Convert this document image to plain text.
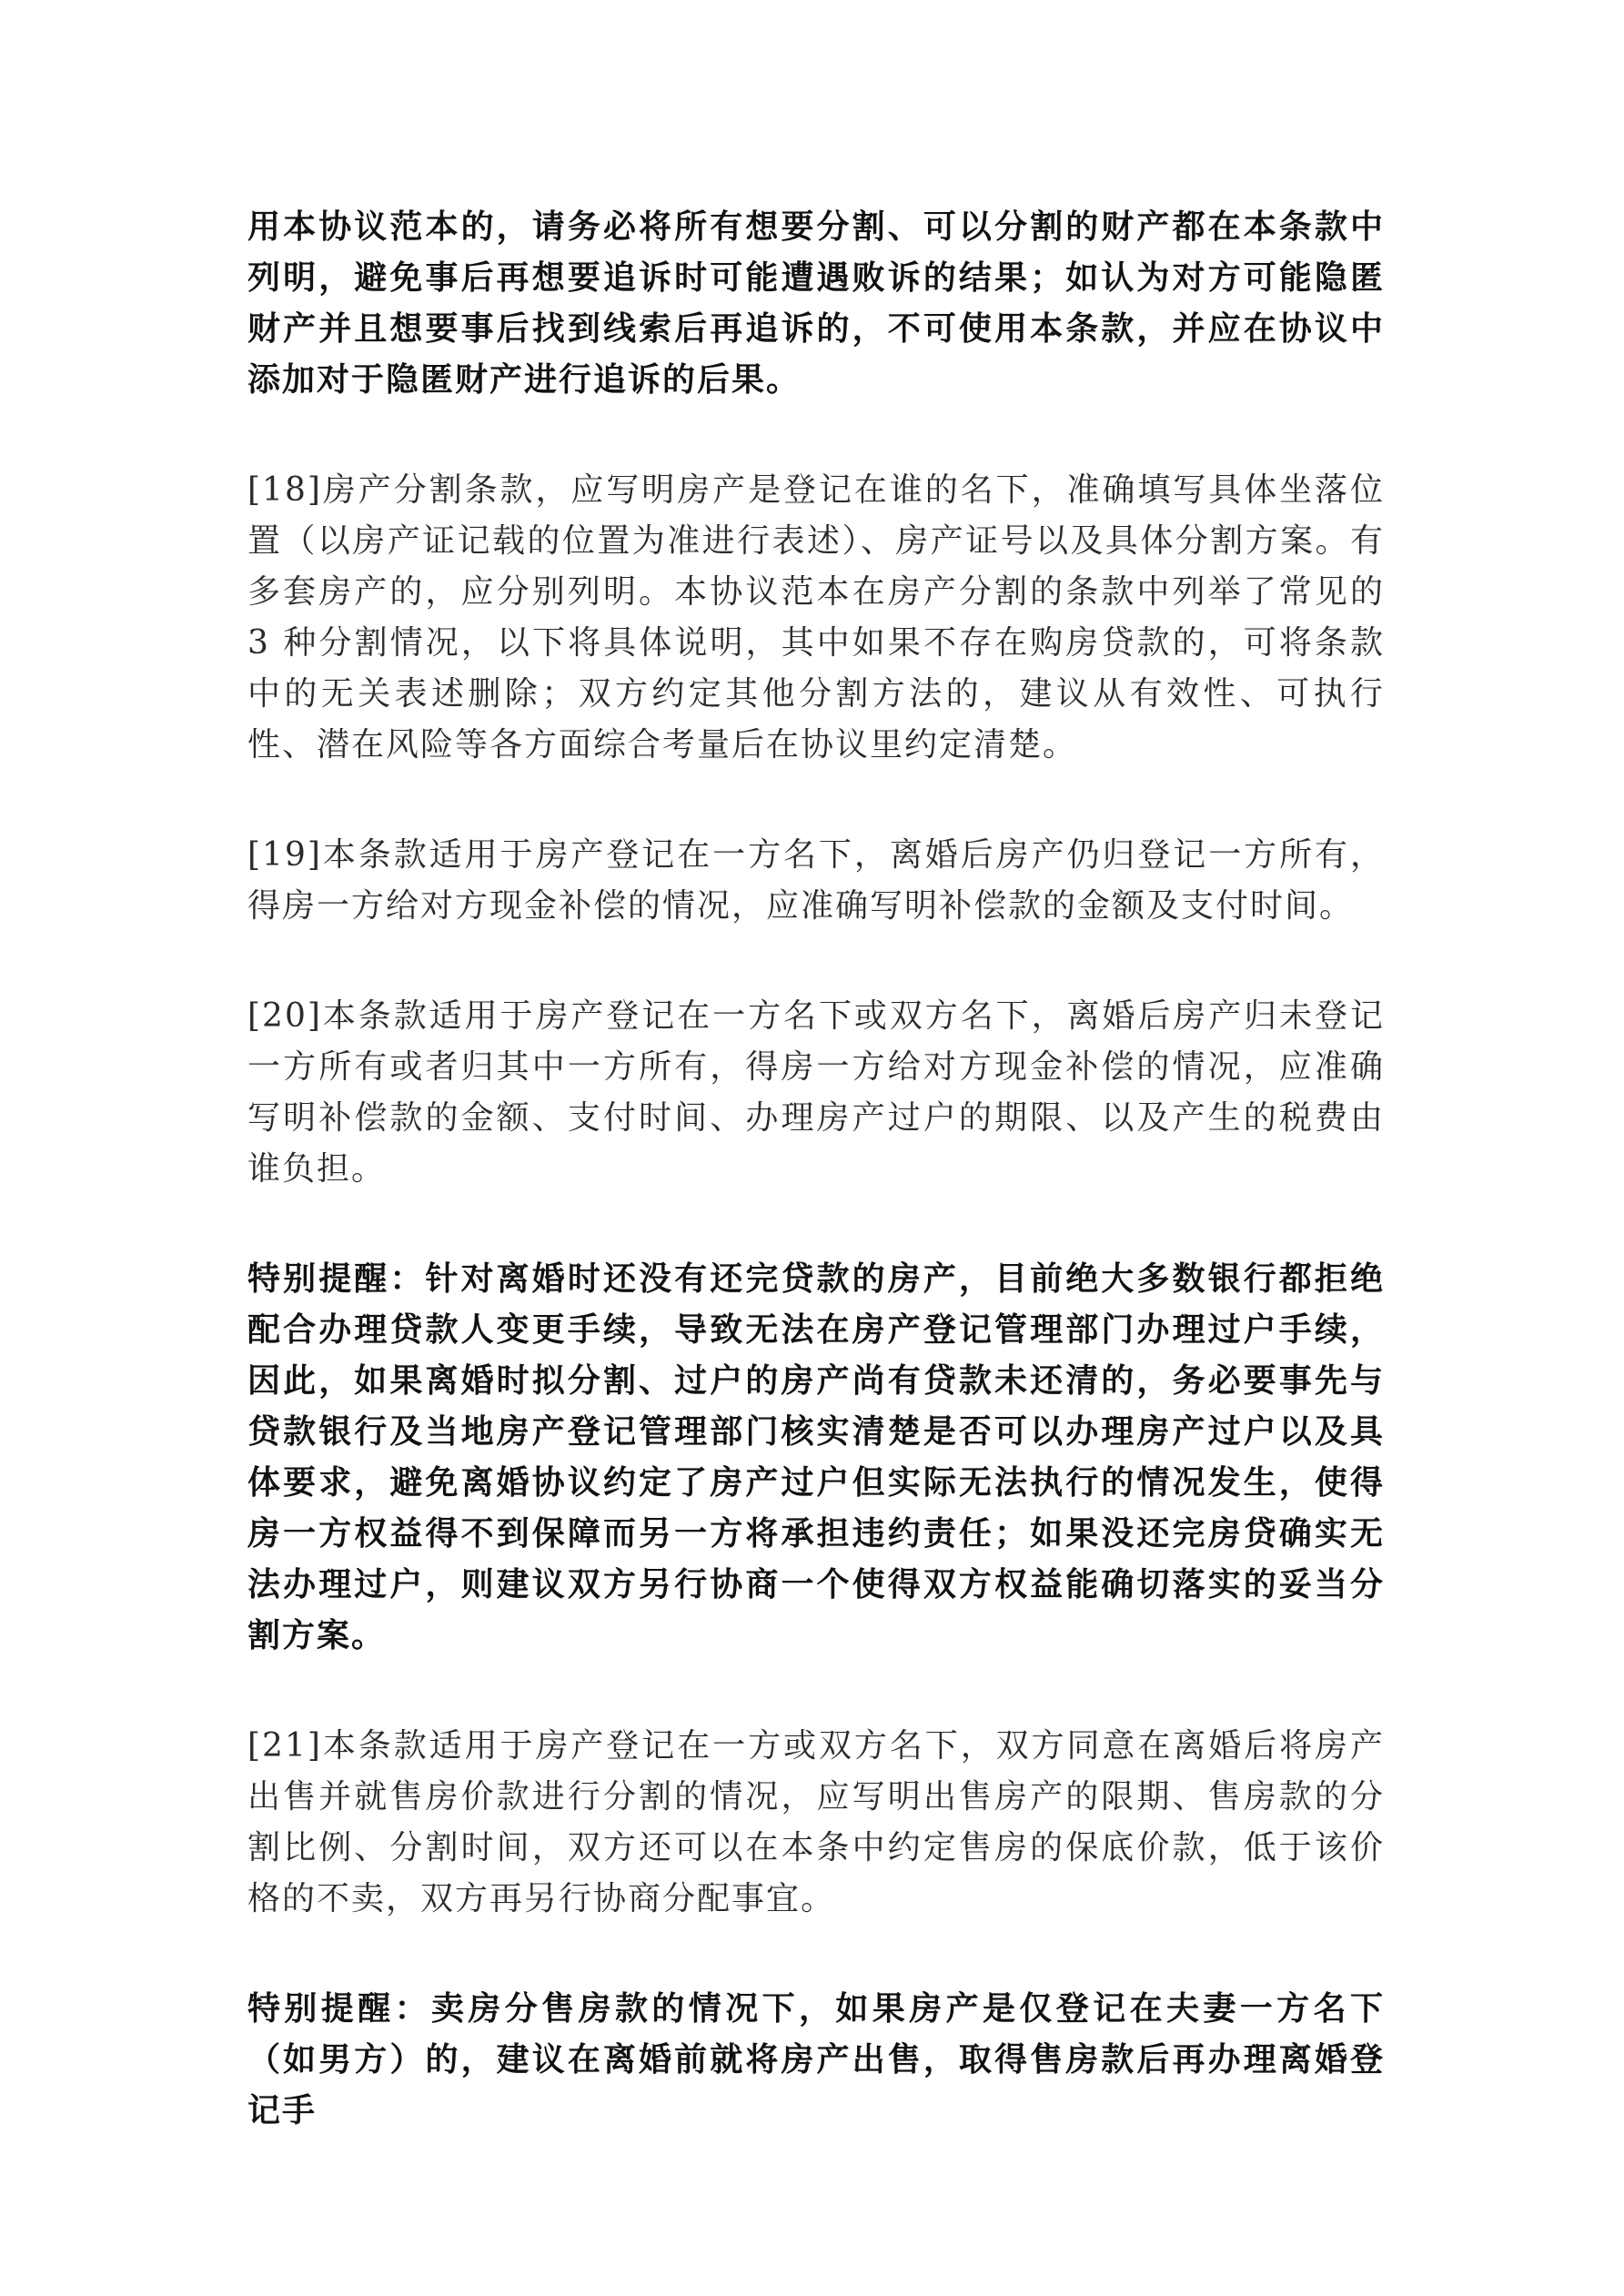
用本协议范本的，请务必将所有想要分割、可以分割的财产都在本条款中列明，避免事后再想要追诉时可能遭遇败诉的结果；如认为对方可能隐匿财产并且想要事后找到线索后再追诉的，不可使用本条款，并应在协议中添加对于隐匿财产进行追诉的后果。

[18]房产分割条款，应写明房产是登记在谁的名下，准确填写具体坐落位置（以房产证记载的位置为准进行表述）、房产证号以及具体分割方案。有多套房产的，应分别列明。本协议范本在房产分割的条款中列举了常见的 3 种分割情况，以下将具体说明，其中如果不存在购房贷款的，可将条款中的无关表述删除；双方约定其他分割方法的，建议从有效性、可执行性、潜在风险等各方面综合考量后在协议里约定清楚。

[19]本条款适用于房产登记在一方名下，离婚后房产仍归登记一方所有，得房一方给对方现金补偿的情况，应准确写明补偿款的金额及支付时间。

[20]本条款适用于房产登记在一方名下或双方名下，离婚后房产归未登记一方所有或者归其中一方所有，得房一方给对方现金补偿的情况，应准确写明补偿款的金额、支付时间、办理房产过户的期限、以及产生的税费由谁负担。

特别提醒：针对离婚时还没有还完贷款的房产，目前绝大多数银行都拒绝配合办理贷款人变更手续，导致无法在房产登记管理部门办理过户手续，因此，如果离婚时拟分割、过户的房产尚有贷款未还清的，务必要事先与贷款银行及当地房产登记管理部门核实清楚是否可以办理房产过户以及具体要求，避免离婚协议约定了房产过户但实际无法执行的情况发生，使得房一方权益得不到保障而另一方将承担违约责任；如果没还完房贷确实无法办理过户，则建议双方另行协商一个使得双方权益能确切落实的妥当分割方案。

[21]本条款适用于房产登记在一方或双方名下，双方同意在离婚后将房产出售并就售房价款进行分割的情况，应写明出售房产的限期、售房款的分割比例、分割时间，双方还可以在本条中约定售房的保底价款，低于该价格的不卖，双方再另行协商分配事宜。

特别提醒：卖房分售房款的情况下，如果房产是仅登记在夫妻一方名下（如男方）的，建议在离婚前就将房产出售，取得售房款后再办理离婚登记手
